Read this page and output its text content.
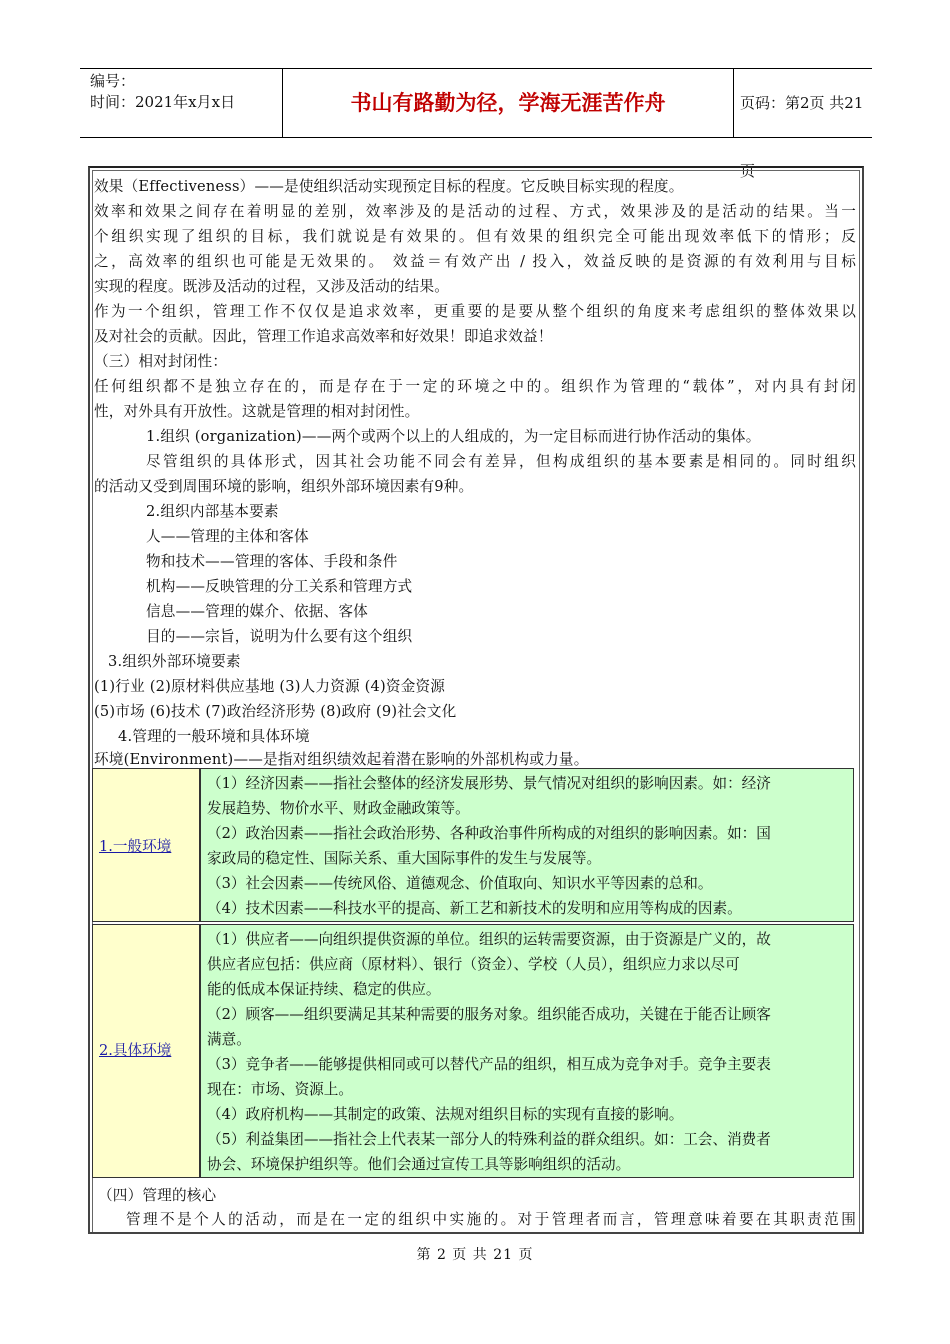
编号：
时间：2021年x月x日	书山有路勤为径，学海无涯苦作舟	页码：第2页 共21页
效果（Effectiveness）——是使组织活动实现预定目标的程度。它反映目标实现的程度。
效率和效果之间存在着明显的差别，效率涉及的是活动的过程、方式，效果涉及的是活动的结果。当一
个组织实现了组织的目标，我们就说是有效果的。但有效果的组织完全可能出现效率低下的情形；反
之，高效率的组织也可能是无效果的。 效益＝有效产出 / 投入，效益反映的是资源的有效利用与目标
实现的程度。既涉及活动的过程，又涉及活动的结果。
作为一个组织，管理工作不仅仅是追求效率，更重要的是要从整个组织的角度来考虑组织的整体效果以
及对社会的贡献。因此，管理工作追求高效率和好效果！即追求效益！
（三）相对封闭性：
任何组织都不是独立存在的，而是存在于一定的环境之中的。组织作为管理的“载体”，对内具有封闭
性，对外具有开放性。这就是管理的相对封闭性。
1.组织 (organization)——两个或两个以上的人组成的，为一定目标而进行协作活动的集体。
尽管组织的具体形式，因其社会功能不同会有差异，但构成组织的基本要素是相同的。同时组织
的活动又受到周围环境的影响，组织外部环境因素有9种。
2.组织内部基本要素
人——管理的主体和客体
物和技术——管理的客体、手段和条件
机构——反映管理的分工关系和管理方式
信息——管理的媒介、依据、客体
目的——宗旨，说明为什么要有这个组织
3.组织外部环境要素
(1)行业 (2)原材料供应基地 (3)人力资源 (4)资金资源
(5)市场 (6)技术 (7)政治经济形势 (8)政府 (9)社会文化
4.管理的一般环境和具体环境
环境(Environment)——是指对组织绩效起着潜在影响的外部机构或力量。
（四）管理的核心
管理不是个人的活动，而是在一定的组织中实施的。对于管理者而言，管理意味着要在其职责范围
1.一般环境
（1）经济因素——指社会整体的经济发展形势、景气情况对组织的影响因素。如：经济
发展趋势、物价水平、财政金融政策等。
（2）政治因素——指社会政治形势、各种政治事件所构成的对组织的影响因素。如：国
家政局的稳定性、国际关系、重大国际事件的发生与发展等。
（3）社会因素——传统风俗、道德观念、价值取向、知识水平等因素的总和。
（4）技术因素——科技水平的提高、新工艺和新技术的发明和应用等构成的因素。
2.具体环境
（1）供应者——向组织提供资源的单位。组织的运转需要资源，由于资源是广义的，故
供应者应包括：供应商（原材料）、银行（资金）、学校（人员），组织应力求以尽可
能的低成本保证持续、稳定的供应。
（2）顾客——组织要满足其某种需要的服务对象。组织能否成功，关键在于能否让顾客
满意。
（3）竞争者——能够提供相同或可以替代产品的组织，相互成为竞争对手。竞争主要表
现在：市场、资源上。
（4）政府机构——其制定的政策、法规对组织目标的实现有直接的影响。
（5）利益集团——指社会上代表某一部分人的特殊利益的群众组织。如：工会、消费者
协会、环境保护组织等。他们会通过宣传工具等影响组织的活动。
第 2 页 共 21 页
